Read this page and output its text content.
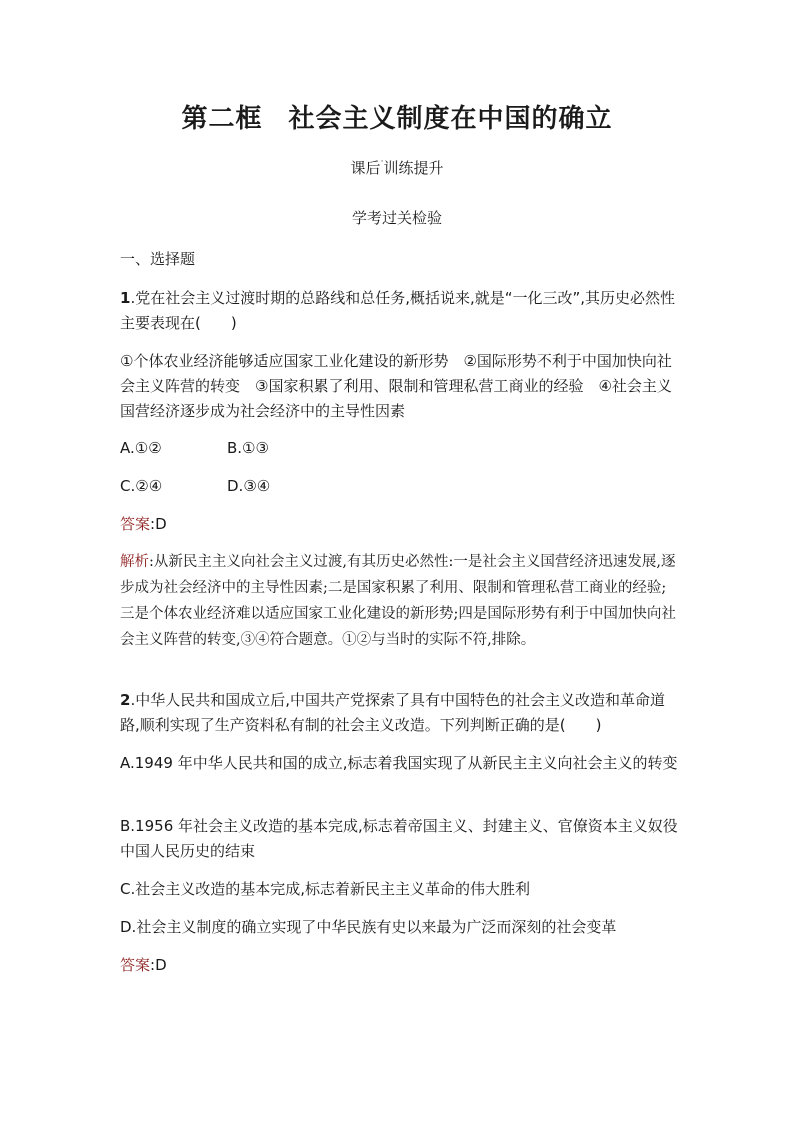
第二框 社会主义制度在中国的确立
课后·训练提升
学考过关检验

一、选择题

1.党在社会主义过渡时期的总路线和总任务,概括说来,就是“一化三改”,其历史必然性主要表现在(　　)

①个体农业经济能够适应国家工业化建设的新形势　②国际形势不利于中国加快向社会主义阵营的转变　③国家积累了利用、限制和管理私营工商业的经验　④社会主义国营经济逐步成为社会经济中的主导性因素

A.①②	B.①③
C.②④	D.③④

答案:D

解析:从新民主主义向社会主义过渡,有其历史必然性:一是社会主义国营经济迅速发展,逐步成为社会经济中的主导性因素;二是国家积累了利用、限制和管理私营工商业的经验;三是个体农业经济难以适应国家工业化建设的新形势;四是国际形势有利于中国加快向社会主义阵营的转变,③④符合题意。①②与当时的实际不符,排除。

2.中华人民共和国成立后,中国共产党探索了具有中国特色的社会主义改造和革命道路,顺利实现了生产资料私有制的社会主义改造。下列判断正确的是(　　)

A.1949 年中华人民共和国的成立,标志着我国实现了从新民主主义向社会主义的转变

B.1956 年社会主义改造的基本完成,标志着帝国主义、封建主义、官僚资本主义奴役中国人民历史的结束

C.社会主义改造的基本完成,标志着新民主主义革命的伟大胜利

D.社会主义制度的确立实现了中华民族有史以来最为广泛而深刻的社会变革

答案:D
